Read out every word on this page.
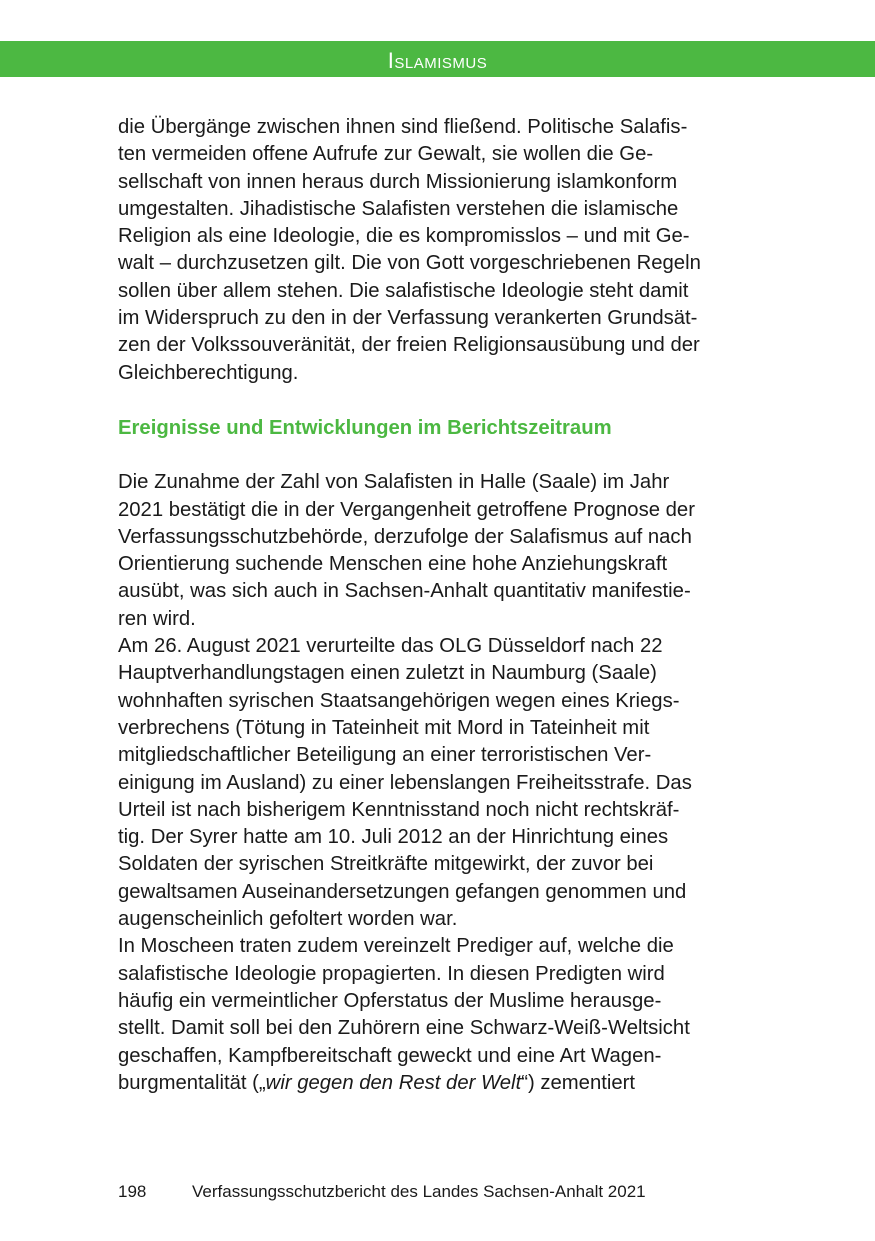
Islamismus

die Übergänge zwischen ihnen sind fließend. Politische Salafis-
ten vermeiden offene Aufrufe zur Gewalt, sie wollen die Ge-
sellschaft von innen heraus durch Missionierung islamkonform
umgestalten. Jihadistische Salafisten verstehen die islamische
Religion als eine Ideologie, die es kompromisslos – und mit Ge-
walt – durchzusetzen gilt. Die von Gott vorgeschriebenen Regeln
sollen über allem stehen. Die salafistische Ideologie steht damit
im Widerspruch zu den in der Verfassung verankerten Grundsät-
zen der Volkssouveränität, der freien Religionsausübung und der
Gleichberechtigung.

Ereignisse und Entwicklungen im Berichtszeitraum

Die Zunahme der Zahl von Salafisten in Halle (Saale) im Jahr
2021 bestätigt die in der Vergangenheit getroffene Prognose der
Verfassungsschutzbehörde, derzufolge der Salafismus auf nach
Orientierung suchende Menschen eine hohe Anziehungskraft
ausübt, was sich auch in Sachsen-Anhalt quantitativ manifestie-
ren wird.

Am 26. August 2021 verurteilte das OLG Düsseldorf nach 22
Hauptverhandlungstagen einen zuletzt in Naumburg (Saale)
wohnhaften syrischen Staatsangehörigen wegen eines Kriegs-
verbrechens (Tötung in Tateinheit mit Mord in Tateinheit mit
mitgliedschaftlicher Beteiligung an einer terroristischen Ver-
einigung im Ausland) zu einer lebenslangen Freiheitsstrafe. Das
Urteil ist nach bisherigem Kenntnisstand noch nicht rechtskräf-
tig. Der Syrer hatte am 10. Juli 2012 an der Hinrichtung eines
Soldaten der syrischen Streitkräfte mitgewirkt, der zuvor bei
gewaltsamen Auseinandersetzungen gefangen genommen und
augenscheinlich gefoltert worden war.

In Moscheen traten zudem vereinzelt Prediger auf, welche die
salafistische Ideologie propagierten. In diesen Predigten wird
häufig ein vermeintlicher Opferstatus der Muslime herausge-
stellt. Damit soll bei den Zuhörern eine Schwarz-Weiß-Weltsicht
geschaffen, Kampfbereitschaft geweckt und eine Art Wagen-
burgmentalität („wir gegen den Rest der Welt“) zementiert

198	Verfassungsschutzbericht des Landes Sachsen-Anhalt 2021
